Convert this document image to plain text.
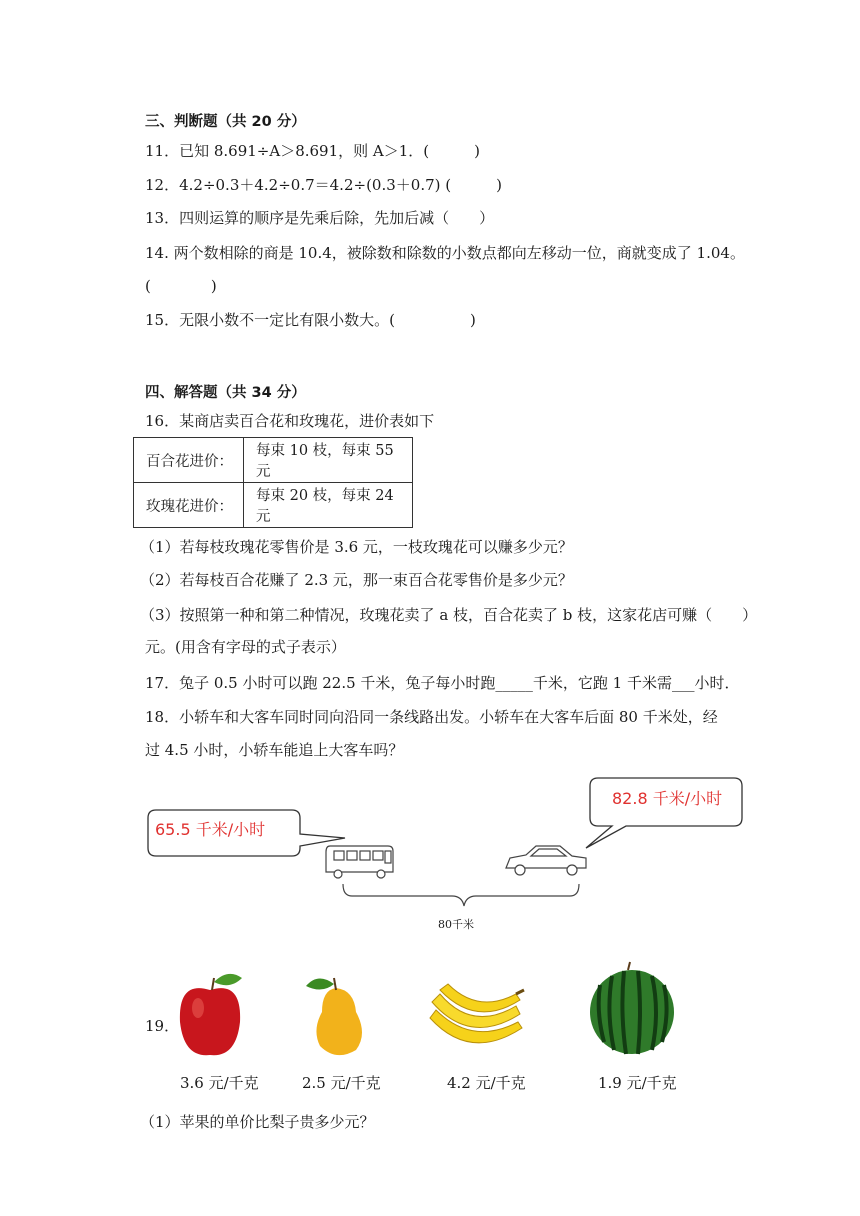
三、判断题（共 20 分）
11．已知 8.691÷A＞8.691，则 A＞1．(　　　)
12．4.2÷0.3＋4.2÷0.7＝4.2÷(0.3＋0.7) (　　　)
13．四则运算的顺序是先乘后除，先加后减（　　）
14. 两个数相除的商是 10.4，被除数和除数的小数点都向左移动一位，商就变成了 1.04。
(　　　　)
15．无限小数不一定比有限小数大。(　　　　　)
四、解答题（共 34 分）
16．某商店卖百合花和玫瑰花，进价表如下
百合花进价：	每束 10 枝，每束 55 元
玫瑰花进价：	每束 20 枝，每束 24 元
（1）若每枝玫瑰花零售价是 3.6 元，一枝玫瑰花可以赚多少元？
（2）若每枝百合花赚了 2.3 元，那一束百合花零售价是多少元？
（3）按照第一种和第二种情况，玫瑰花卖了 a 枝，百合花卖了 b 枝，这家花店可赚（　　）
元。(用含有字母的式子表示）
17．兔子 0.5 小时可以跑 22.5 千米，兔子每小时跑_____千米，它跑 1 千米需___小时．
18．小轿车和大客车同时同向沿同一条线路出发。小轿车在大客车后面 80 千米处，经
过 4.5 小时，小轿车能追上大客车吗？
65.5 千米/小时
82.8 千米/小时
80千米
19．
3.6 元/千克	2.5 元/千克	4.2 元/千克	1.9 元/千克
（1）苹果的单价比梨子贵多少元？
